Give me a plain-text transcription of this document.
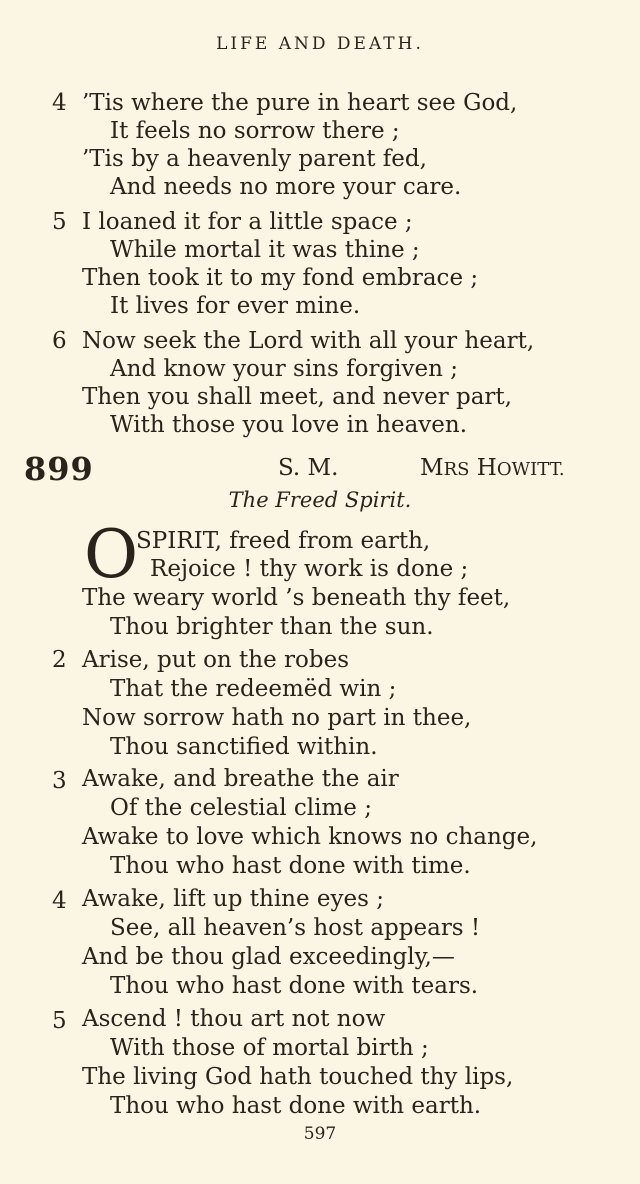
LIFE AND DEATH.
4 ’Tis where the pure in heart see God,
It feels no sorrow there ;
’Tis by a heavenly parent fed,
And needs no more your care.
5 I loaned it for a little space ;
While mortal it was thine ;
Then took it to my fond embrace ;
It lives for ever mine.
6 Now seek the Lord with all your heart,
And know your sins forgiven ;
Then you shall meet, and never part,
With those you love in heaven.
899	S. M.	MRS HOWITT.
The Freed Spirit.
O
SPIRIT, freed from earth,
Rejoice ! thy work is done ;
The weary world ’s beneath thy feet,
Thou brighter than the sun.
2 Arise, put on the robes
That the redeemëd win ;
Now sorrow hath no part in thee,
Thou sanctified within.
3 Awake, and breathe the air
Of the celestial clime ;
Awake to love which knows no change,
Thou who hast done with time.
4 Awake, lift up thine eyes ;
See, all heaven’s host appears !
And be thou glad exceedingly,—
Thou who hast done with tears.
5 Ascend ! thou art not now
With those of mortal birth ;
The living God hath touched thy lips,
Thou who hast done with earth.
597
